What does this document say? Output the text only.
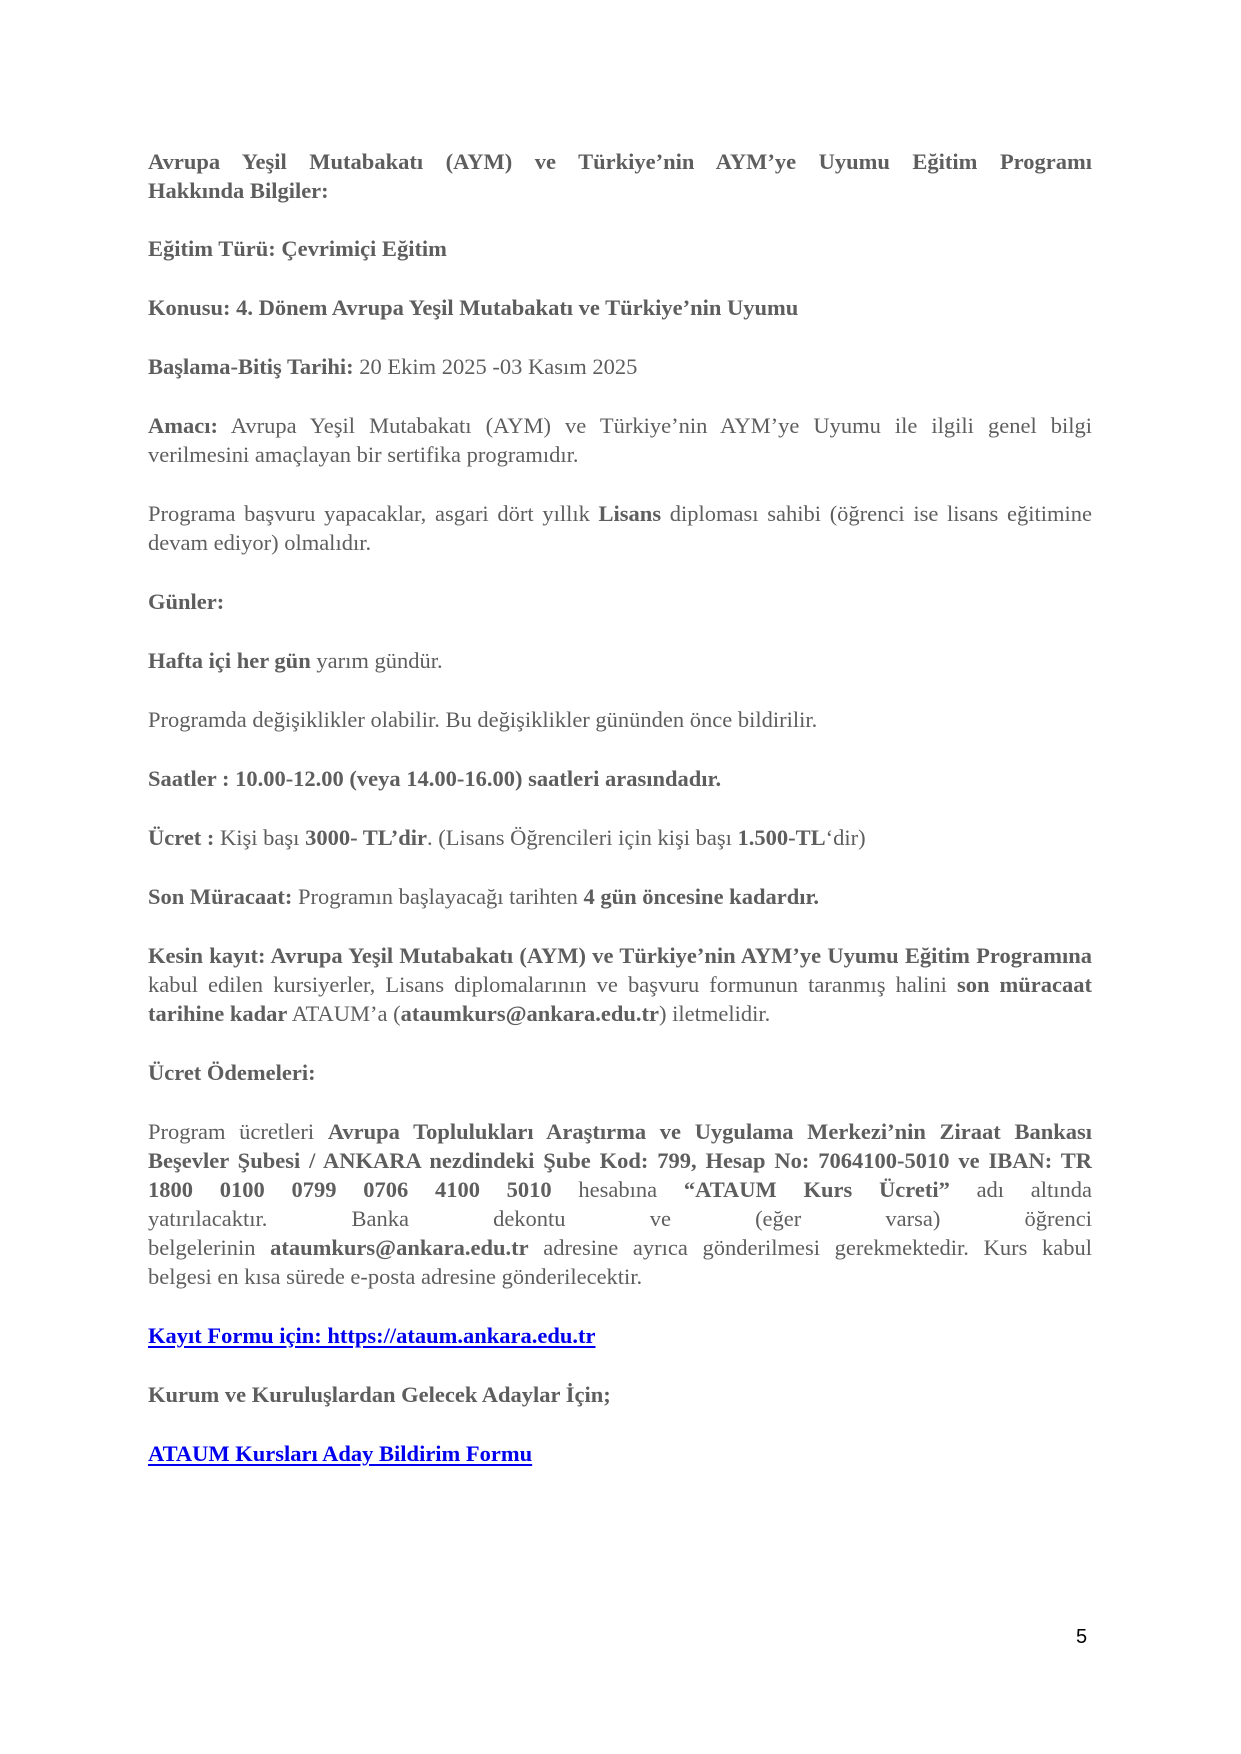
Avrupa Yeşil Mutabakatı (AYM) ve Türkiye’nin AYM’ye Uyumu Eğitim Programı
Hakkında Bilgiler:

Eğitim Türü: Çevrimiçi Eğitim

Konusu: 4. Dönem Avrupa Yeşil Mutabakatı ve Türkiye’nin Uyumu

Başlama-Bitiş Tarihi: 20 Ekim 2025 -03 Kasım 2025

Amacı: Avrupa Yeşil Mutabakatı (AYM) ve Türkiye’nin AYM’ye Uyumu ile ilgili genel bilgi verilmesini amaçlayan bir sertifika programıdır.

Programa başvuru yapacaklar, asgari dört yıllık Lisans diploması sahibi (öğrenci ise lisans eğitimine devam ediyor) olmalıdır.

Günler:

Hafta içi her gün yarım gündür.

Programda değişiklikler olabilir. Bu değişiklikler gününden önce bildirilir.

Saatler : 10.00-12.00 (veya 14.00-16.00) saatleri arasındadır.

Ücret : Kişi başı 3000- TL’dir. (Lisans Öğrencileri için kişi başı 1.500-TL‘dir)

Son Müracaat: Programın başlayacağı tarihten 4 gün öncesine kadardır.

Kesin kayıt: Avrupa Yeşil Mutabakatı (AYM) ve Türkiye’nin AYM’ye Uyumu Eğitim Programına kabul edilen kursiyerler, Lisans diplomalarının ve başvuru formunun taranmış halini son müracaat tarihine kadar ATAUM’a (ataumkurs@ankara.edu.tr) iletmelidir.

Ücret Ödemeleri:

Program ücretleri Avrupa Toplulukları Araştırma ve Uygulama Merkezi’nin Ziraat Bankası Beşevler Şubesi / ANKARA nezdindeki Şube Kod: 799, Hesap No: 7064100-5010 ve IBAN: TR 1800 0100 0799 0706 4100 5010 hesabına “ATAUM Kurs Ücreti” adı altında

yatırılacaktır.	Banka	dekontu	ve	(eğer	varsa)	öğrenci

belgelerinin ataumkurs@ankara.edu.tr adresine ayrıca gönderilmesi gerekmektedir. Kurs kabul belgesi en kısa sürede e-posta adresine gönderilecektir.

Kayıt Formu için: https://ataum.ankara.edu.tr

Kurum ve Kuruluşlardan Gelecek Adaylar İçin;

ATAUM Kursları Aday Bildirim Formu

5
